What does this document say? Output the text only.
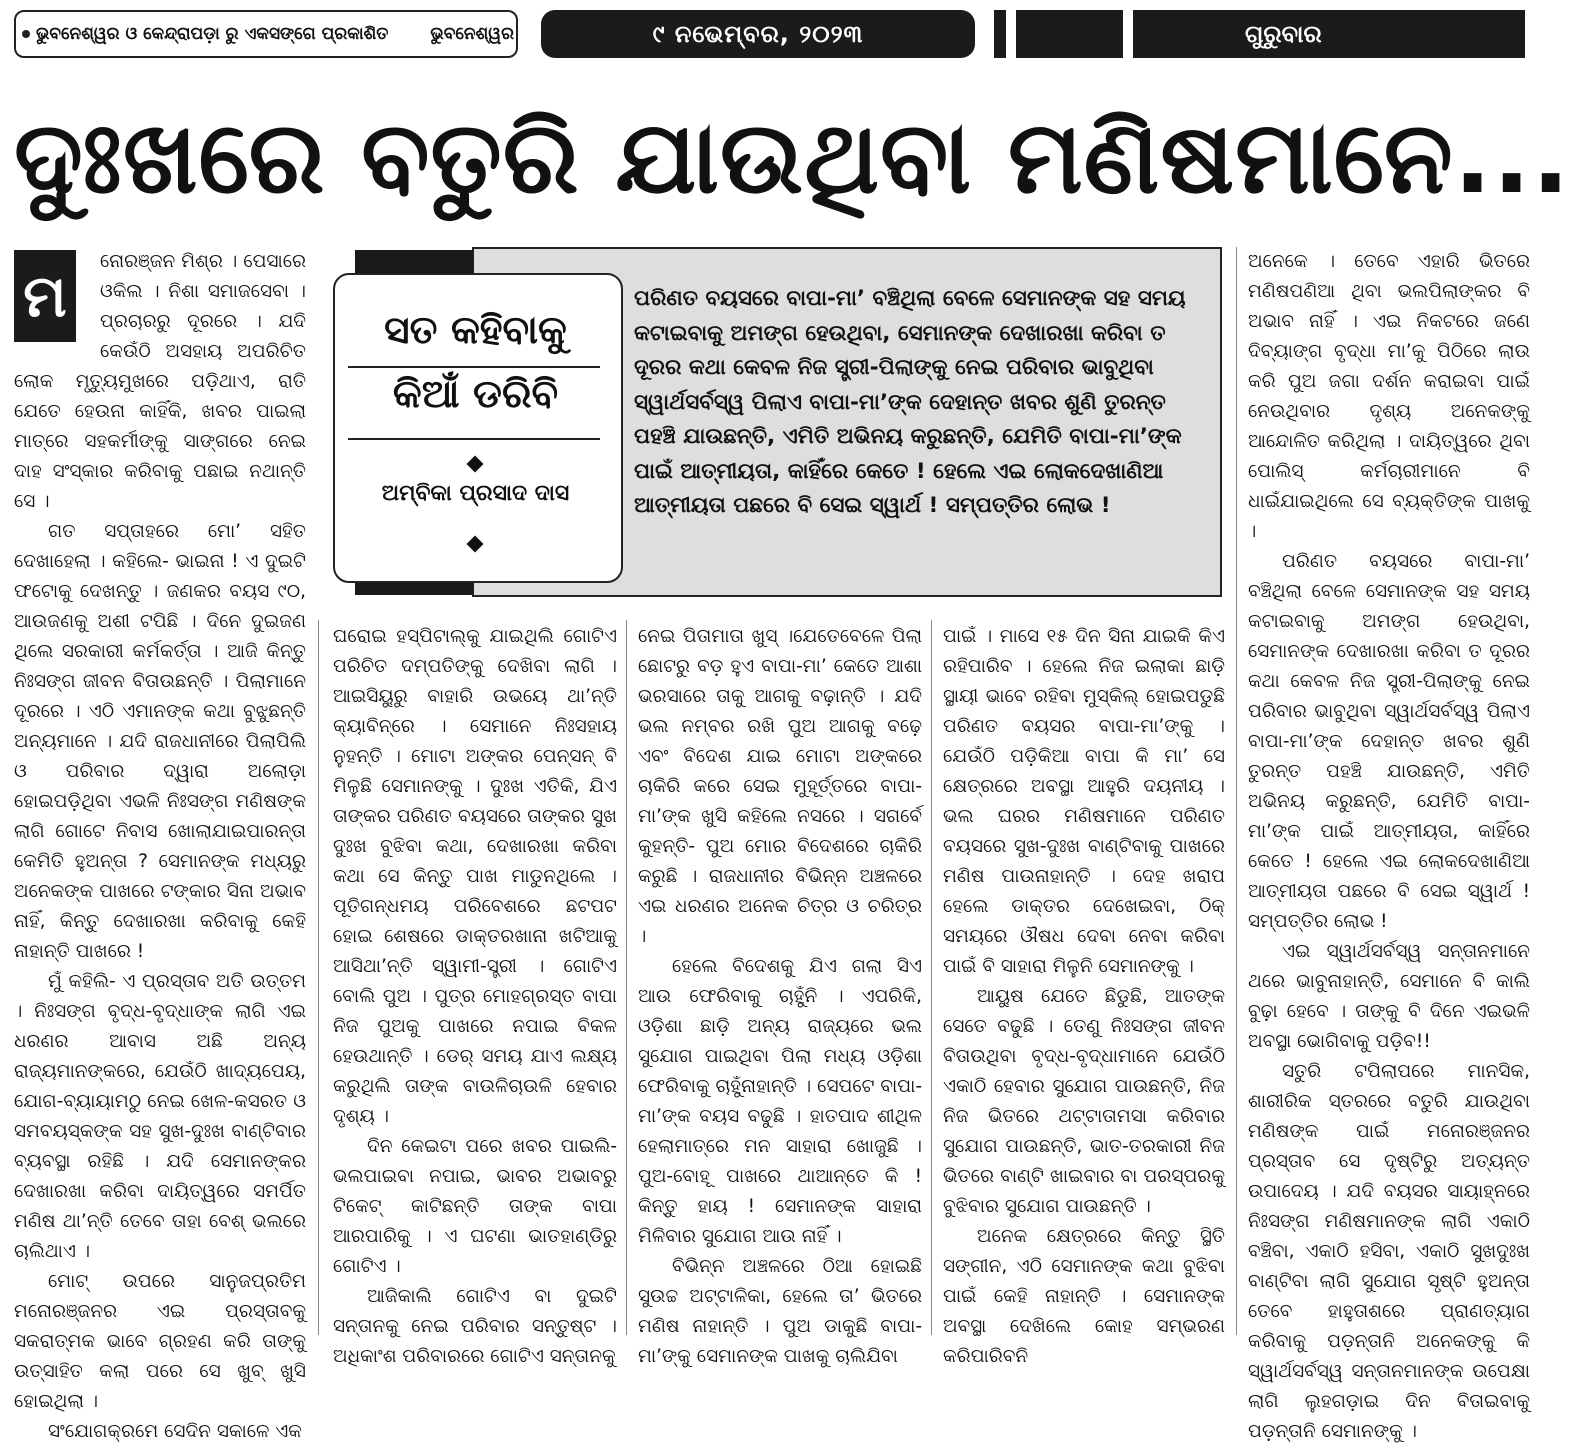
ଭୁବନେଶ୍ୱର ଓ କେନ୍ଦ୍ରାପଡ଼ା ରୁ ଏକସଙ୍ଗେ ପ୍ରକାଶିତ ଭୁବନେଶ୍ୱର	୯ ନଭେମ୍ବର, ୨୦୨୩	ଗୁରୁବାର
ଦୁଃଖରେ ବତୁରି ଯାଉଥିବା ମଣିଷମାନେ...
ସତ କହିବାକୁ
କିଆଁ ଡରିବି
ଅମ୍ବିକା ପ୍ରସାଦ ଦାସ
ପରିଣତ ବୟସରେ ବାପା-ମା’ ବଞ୍ଚିଥିଲା ବେଳେ ସେମାନଙ୍କ ସହ ସମୟ କଟାଇବାକୁ ଅମଙ୍ଗ ହେଉଥିବା, ସେମାନଙ୍କ ଦେଖାରଖା କରିବା ତ ଦୂରର କଥା କେବଳ ନିଜ ସ୍ତ୍ରୀ-ପିଲାଙ୍କୁ ନେଇ ପରିବାର ଭାବୁଥିବା ସ୍ୱାର୍ଥସର୍ବସ୍ୱ ପିଲାଏ ବାପା-ମା’ଙ୍କ ଦେହାନ୍ତ ଖବର ଶୁଣି ତୁରନ୍ତ ପହଞ୍ଚି ଯାଉଛନ୍ତି, ଏମିତି ଅଭିନୟ କରୁଛନ୍ତି, ଯେମିତି ବାପା-ମା’ଙ୍କ ପାଇଁ ଆତ୍ମୀୟତା, କାହିଁରେ କେତେ ! ହେଲେ ଏଇ ଲୋକଦେଖାଣିଆ ଆତ୍ମୀୟତା ପଛରେ ବି ସେଇ ସ୍ୱାର୍ଥ ! ସମ୍ପତ୍ତିର ଲୋଭ !
ମ

ନୋରଞ୍ଜନ ମିଶ୍ର । ପେସାରେ ଓକିଲ । ନିଶା ସମାଜସେବା । ପ୍ରଚାରରୁ ଦୂରରେ । ଯଦି କେଉଁଠି ଅସହାୟ ଅପରିଚିତ ଲୋକ ମୃତ୍ୟୁମୁଖରେ ପଡ଼ିଥାଏ, ରାତି ଯେତେ ହେଉନା କାହିଁକି, ଖବର ପାଇଲା ମାତ୍ରେ ସହକର୍ମୀଙ୍କୁ ସାଙ୍ଗରେ ନେଇ ଦାହ ସଂସ୍କାର କରିବାକୁ ପଛାଇ ନଥାନ୍ତି ସେ ।

ଗତ ସପ୍ତାହରେ ମୋ’ ସହିତ ଦେଖାହେଲା । କହିଲେ- ଭାଇନା ! ଏ ଦୁଇଟି ଫଟୋକୁ ଦେଖନ୍ତୁ । ଜଣକର ବୟସ ୯୦, ଆଉଜଣକୁ ଅଶୀ ଟପିଛି । ଦିନେ ଦୁଇଜଣ ଥିଲେ ସରକାରୀ କର୍ମକର୍ତ୍ତା । ଆଜି କିନ୍ତୁ ନିଃସଙ୍ଗ ଜୀବନ ବିତାଉଛନ୍ତି । ପିଲାମାନେ ଦୂରରେ । ଏଠି ଏମାନଙ୍କ କଥା ବୁଝୁଛନ୍ତି ଅନ୍ୟମାନେ । ଯଦି ରାଜଧାନୀରେ ପିଲାପିଲି ଓ ପରିବାର ଦ୍ୱାରା ଅଲୋଡ଼ା ହୋଇପଡ଼ିଥିବା ଏଭଳି ନିଃସଙ୍ଗ ମଣିଷଙ୍କ ଲାଗି ଗୋଟେ ନିବାସ ଖୋଲାଯାଇପାରନ୍ତା କେମିତି ହୁଅନ୍ତା ? ସେମାନଙ୍କ ମଧ୍ୟରୁ ଅନେକଙ୍କ ପାଖରେ ଟଙ୍କାର ସିନା ଅଭାବ ନାହିଁ, କିନ୍ତୁ ଦେଖାରଖା କରିବାକୁ କେହି ନାହାନ୍ତି ପାଖରେ !

ମୁଁ କହିଲି- ଏ ପ୍ରସ୍ତାବ ଅତି ଉତ୍ତମ । ନିଃସଙ୍ଗ ବୃଦ୍ଧ-ବୃଦ୍ଧାଙ୍କ ଲାଗି ଏଇ ଧରଣର ଆବାସ ଅଛି ଅନ୍ୟ ରାଜ୍ୟମାନଙ୍କରେ, ଯେଉଁଠି ଖାଦ୍ୟପେୟ, ଯୋଗ-ବ୍ୟାୟାମଠୁ ନେଇ ଖେଳ-କସରତ ଓ ସମବୟସ୍କଙ୍କ ସହ ସୁଖ-ଦୁଃଖ ବାଣ୍ଟିବାର ବ୍ୟବସ୍ଥା ରହିଛି । ଯଦି ସେମାନଙ୍କର ଦେଖାରଖା କରିବା ଦାୟିତ୍ୱରେ ସମର୍ପିତ ମଣିଷ ଥା’ନ୍ତି ତେବେ ତାହା ବେଶ୍ ଭଲରେ ଚାଲିଥାଏ ।

ମୋଟ୍ ଉପରେ ସାନୁଜପ୍ରତିମ ମନୋରଞ୍ଜନର ଏଇ ପ୍ରସ୍ତାବକୁ ସକରାତ୍ମକ ଭାବେ ଗ୍ରହଣ କରି ତାଙ୍କୁ ଉତ୍ସାହିତ କଲା ପରେ ସେ ଖୁବ୍ ଖୁସି ହୋଇଥିଲା ।

ସଂଯୋଗକ୍ରମେ ସେଦିନ ସକାଳେ ଏକ

ଘରୋଇ ହସ୍ପିଟାଲ୍‌କୁ ଯାଇଥିଲି ଗୋଟିଏ ପରିଚିତ ଦମ୍ପତିଙ୍କୁ ଦେଖିବା ଲାଗି । ଆଇସିୟୁରୁ ବାହାରି ଉଭୟେ ଥା’ନ୍ତି କ୍ୟାବିନ୍‌ରେ । ସେମାନେ ନିଃସହାୟ ନୁହନ୍ତି । ମୋଟା ଅଙ୍କର ପେନ୍‌ସନ୍ ବି ମିଳୁଛି ସେମାନଙ୍କୁ । ଦୁଃଖ ଏତିକି, ଯିଏ ତାଙ୍କର ପରିଣତ ବୟସରେ ତାଙ୍କର ସୁଖ ଦୁଃଖ ବୁଝିବା କଥା, ଦେଖାରଖା କରିବା କଥା ସେ କିନ୍ତୁ ପାଖ ମାଡୁନଥିଲେ । ପୂତିଗନ୍ଧମୟ ପରିବେଶରେ ଛଟପଟ ହୋଇ ଶେଷରେ ଡାକ୍ତରଖାନା ଖଟିଆକୁ ଆସିଥା’ନ୍ତି ସ୍ୱାମୀ-ସ୍ତ୍ରୀ । ଗୋଟିଏ ବୋଲି ପୁଅ । ପୁତ୍ର ମୋହଗ୍ରସ୍ତ ବାପା ନିଜ ପୁଅକୁ ପାଖରେ ନପାଇ ବିକଳ ହେଉଥାନ୍ତି । ଡେର୍ ସମୟ ଯାଏ ଲକ୍ଷ୍ୟ କରୁଥିଲି ତାଙ୍କ ବାଉଳିଚାଉଳି ହେବାର ଦୃଶ୍ୟ ।

ଦିନ କେଇଟା ପରେ ଖବର ପାଇଲି- ଭଲପାଇବା ନପାଇ, ଭାବର ଅଭାବରୁ ଟିକେଟ୍ କାଟିଛନ୍ତି ତାଙ୍କ ବାପା ଆରପାରିକୁ । ଏ ଘଟଣା ଭାତହାଣ୍ଡିରୁ ଗୋଟିଏ ।

ଆଜିକାଲି ଗୋଟିଏ ବା ଦୁଇଟି ସନ୍ତାନକୁ ନେଇ ପରିବାର ସନ୍ତୁଷ୍ଟ । ଅଧିକାଂଶ ପରିବାରରେ ଗୋଟିଏ ସନ୍ତାନକୁ

ନେଇ ପିତାମାତା ଖୁସ୍ ।ଯେତେବେଳେ ପିଲା ଛୋଟରୁ ବଡ଼ ହୁଏ ବାପା-ମା’ କେତେ ଆଶା ଭରସାରେ ତାକୁ ଆଗକୁ ବଢ଼ାନ୍ତି । ଯଦି ଭଲ ନମ୍ବର ରଖି ପୁଅ ଆଗକୁ ବଢ଼େ ଏବଂ ବିଦେଶ ଯାଇ ମୋଟା ଅଙ୍କରେ ଚାକିରି କରେ ସେଇ ମୁହୂର୍ତ୍ତରେ ବାପା-ମା’ଙ୍କ ଖୁସି କହିଲେ ନସରେ । ସଗର୍ବେ କୁହନ୍ତି- ପୁଅ ମୋର ବିଦେଶରେ ଚାକିରି କରୁଛି । ରାଜଧାନୀର ବିଭିନ୍ନ ଅଞ୍ଚଳରେ ଏଇ ଧରଣର ଅନେକ ଚିତ୍ର ଓ ଚରିତ୍ର ।

ହେଲେ ବିଦେଶକୁ ଯିଏ ଗଲା ସିଏ ଆଉ ଫେରିବାକୁ ଚାହୁଁନି । ଏପରିକି, ଓଡ଼ିଶା ଛାଡ଼ି ଅନ୍ୟ ରାଜ୍ୟରେ ଭଲ ସୁଯୋଗ ପାଇଥିବା ପିଲା ମଧ୍ୟ ଓଡ଼ିଶା ଫେରିବାକୁ ଚାହୁଁନାହାନ୍ତି । ସେପଟେ ବାପା-ମା’ଙ୍କ ବୟସ ବଢୁଛି । ହାତପାଦ ଶୀଥିଳ ହେଲାମାତ୍ରେ ମନ ସାହାରା ଖୋଜୁଛି । ପୁଅ-ବୋହୂ ପାଖରେ ଥାଆନ୍ତେ କି ! କିନ୍ତୁ ହାୟ ! ସେମାନଙ୍କ ସାହାରା ମିଳିବାର ସୁଯୋଗ ଆଉ ନାହିଁ ।

ବିଭିନ୍ନ ଅଞ୍ଚଳରେ ଠିଆ ହୋଇଛି ସୁଉଚ୍ଚ ଅଟ୍ଟାଳିକା, ହେଲେ ତା’ ଭିତରେ ମଣିଷ ନାହାନ୍ତି । ପୁଅ ଡାକୁଛି ବାପା-ମା’ଙ୍କୁ ସେମାନଙ୍କ ପାଖକୁ ଚାଲିଯିବା

ପାଇଁ । ମାସେ ୧୫ ଦିନ ସିନା ଯାଇକି କିଏ ରହିପାରିବ । ହେଲେ ନିଜ ଇଲାକା ଛାଡ଼ି ସ୍ଥାୟୀ ଭାବେ ରହିବା ମୁସ୍କିଲ୍ ହୋଇପଡୁଛି ପରିଣତ ବୟସର ବାପା-ମା’ଙ୍କୁ । ଯେଉଁଠି ପଡ଼ିକିଆ ବାପା କି ମା’ ସେ କ୍ଷେତ୍ରରେ ଅବସ୍ଥା ଆହୁରି ଦୟନୀୟ । ଭଲ ଘରର ମଣିଷମାନେ ପରିଣତ ବୟସରେ ସୁଖ-ଦୁଃଖ ବାଣ୍ଟିବାକୁ ପାଖରେ ମଣିଷ ପାଉନାହାନ୍ତି । ଦେହ ଖରାପ ହେଲେ ଡାକ୍ତର ଦେଖେଇବା, ଠିକ୍ ସମୟରେ ଔଷଧ ଦେବା ନେବା କରିବା ପାଇଁ ବି ସାହାରା ମିଳୁନି ସେମାନଙ୍କୁ ।

ଆୟୁଷ ଯେତେ ଛିଡୁଛି, ଆତଙ୍କ ସେତେ ବଢୁଛି । ତେଣୁ ନିଃସଙ୍ଗ ଜୀବନ ବିତାଉଥିବା ବୃଦ୍ଧ-ବୃଦ୍ଧାମାନେ ଯେଉଁଠି ଏକାଠି ହେବାର ସୁଯୋଗ ପାଉଛନ୍ତି, ନିଜ ନିଜ ଭିତରେ ଥଟ୍ଟାତାମସା କରିବାର ସୁଯୋଗ ପାଉଛନ୍ତି, ଭାତ-ତରକାରୀ ନିଜ ଭିତରେ ବାଣ୍ଟି ଖାଇବାର ବା ପରସ୍ପରକୁ ବୁଝିବାର ସୁଯୋଗ ପାଉଛନ୍ତି ।

ଅନେକ କ୍ଷେତ୍ରରେ କିନ୍ତୁ ସ୍ଥିତି ସଙ୍ଗୀନ, ଏଠି ସେମାନଙ୍କ କଥା ବୁଝିବା ପାଇଁ କେହି ନାହାନ୍ତି । ସେମାନଙ୍କ ଅବସ୍ଥା ଦେଖିଲେ କୋହ ସମ୍ଭରଣ କରିପାରିବନି

ଅନେକେ । ତେବେ ଏହାରି ଭିତରେ ମଣିଷପଣିଆ ଥିବା ଭଲପିଲାଙ୍କର ବି ଅଭାବ ନାହିଁ । ଏଇ ନିକଟରେ ଜଣେ ଦିବ୍ୟାଙ୍ଗ ବୃଦ୍ଧା ମା’କୁ ପିଠିରେ ଲାଉ କରି ପୁଅ ଜଗା ଦର୍ଶନ କରାଇବା ପାଇଁ ନେଉଥିବାର ଦୃଶ୍ୟ ଅନେକଙ୍କୁ ଆନ୍ଦୋଳିତ କରିଥିଲା । ଦାୟିତ୍ୱରେ ଥିବା ପୋଲିସ୍ କର୍ମଚାରୀମାନେ ବି ଧାଇଁଯାଇଥିଲେ ସେ ବ୍ୟକ୍ତିଙ୍କ ପାଖକୁ ।

ପରିଣତ ବୟସରେ ବାପା-ମା’ ବଞ୍ଚିଥିଲା ବେଳେ ସେମାନଙ୍କ ସହ ସମୟ କଟାଇବାକୁ ଅମଙ୍ଗ ହେଉଥିବା, ସେମାନଙ୍କ ଦେଖାରଖା କରିବା ତ ଦୂରର କଥା କେବଳ ନିଜ ସ୍ତ୍ରୀ-ପିଲାଙ୍କୁ ନେଇ ପରିବାର ଭାବୁଥିବା ସ୍ୱାର୍ଥସର୍ବସ୍ୱ ପିଲାଏ ବାପା-ମା’ଙ୍କ ଦେହାନ୍ତ ଖବର ଶୁଣି ତୁରନ୍ତ ପହଞ୍ଚି ଯାଉଛନ୍ତି, ଏମିତି ଅଭିନୟ କରୁଛନ୍ତି, ଯେମିତି ବାପା-ମା’ଙ୍କ ପାଇଁ ଆତ୍ମୀୟତା, କାହିଁରେ କେତେ ! ହେଲେ ଏଇ ଲୋକଦେଖାଣିଆ ଆତ୍ମୀୟତା ପଛରେ ବି ସେଇ ସ୍ୱାର୍ଥ ! ସମ୍ପତ୍ତିର ଲୋଭ !

ଏଇ ସ୍ୱାର୍ଥସର୍ବସ୍ୱ ସନ୍ତାନମାନେ ଥରେ ଭାବୁନାହାନ୍ତି, ସେମାନେ ବି କାଲି ବୁଢ଼ା ହେବେ । ତାଙ୍କୁ ବି ଦିନେ ଏଇଭଳି ଅବସ୍ଥା ଭୋଗିବାକୁ ପଡ଼ିବ!!

ସତୁରି ଟପିଲାପରେ ମାନସିକ, ଶାରୀରିକ ସ୍ତରରେ ବତୁରି ଯାଉଥିବା ମଣିଷଙ୍କ ପାଇଁ ମନୋରଞ୍ଜନର ପ୍ରସ୍ତାବ ସେ ଦୃଷ୍ଟିରୁ ଅତ୍ୟନ୍ତ ଉପାଦେୟ । ଯଦି ବୟସର ସାୟାହ୍ନରେ ନିଃସଙ୍ଗ ମଣିଷମାନଙ୍କ ଲାଗି ଏକାଠି ବଞ୍ଚିବା, ଏକାଠି ହସିବା, ଏକାଠି ସୁଖଦୁଃଖ ବାଣ୍ଟିବା ଲାଗି ସୁଯୋଗ ସୃଷ୍ଟି ହୁଅନ୍ତା ତେବେ ହାହୁତାଶରେ ପ୍ରାଣତ୍ୟାଗ କରିବାକୁ ପଡ଼ନ୍ତାନି ଅନେକଙ୍କୁ କି ସ୍ୱାର୍ଥସର୍ବସ୍ୱ ସନ୍ତାନମାନଙ୍କ ଉପେକ୍ଷା ଲାଗି ଲୁହଗଡ଼ାଇ ଦିନ ବିତାଇବାକୁ ପଡ଼ନ୍ତାନି ସେମାନଙ୍କୁ ।
